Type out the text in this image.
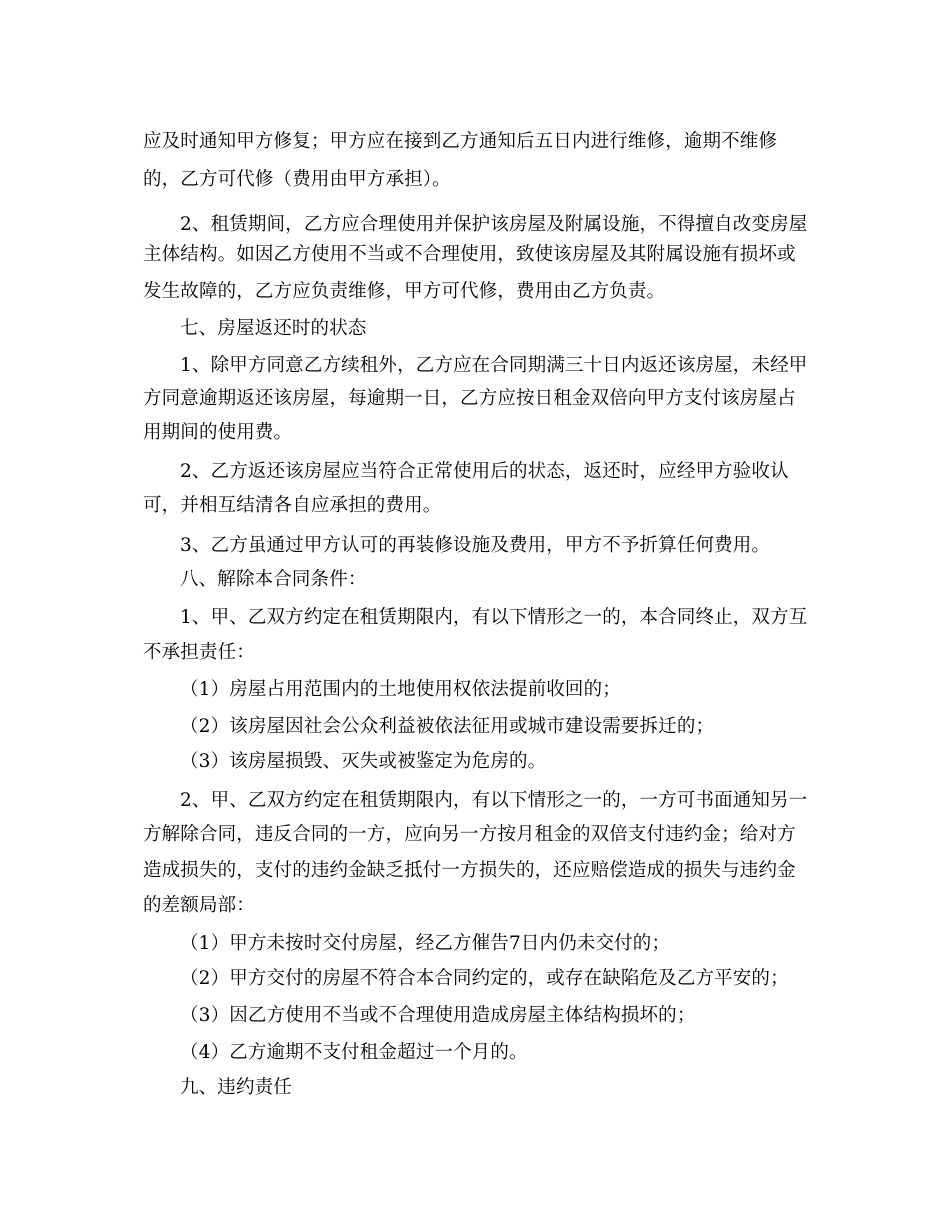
应及时通知甲方修复；甲方应在接到乙方通知后五日内进行维修，逾期不维修
的，乙方可代修（费用由甲方承担）。
2、租赁期间，乙方应合理使用并保护该房屋及附属设施，不得擅自改变房屋
主体结构。如因乙方使用不当或不合理使用，致使该房屋及其附属设施有损坏或
发生故障的，乙方应负责维修，甲方可代修，费用由乙方负责。
七、房屋返还时的状态
1、除甲方同意乙方续租外，乙方应在合同期满三十日内返还该房屋，未经甲
方同意逾期返还该房屋，每逾期一日，乙方应按日租金双倍向甲方支付该房屋占
用期间的使用费。
2、乙方返还该房屋应当符合正常使用后的状态，返还时，应经甲方验收认
可，并相互结清各自应承担的费用。
3、乙方虽通过甲方认可的再装修设施及费用，甲方不予折算任何费用。
八、解除本合同条件：
1、甲、乙双方约定在租赁期限内，有以下情形之一的，本合同终止，双方互
不承担责任：
（1）房屋占用范围内的土地使用权依法提前收回的；
（2）该房屋因社会公众利益被依法征用或城市建设需要拆迁的；
（3）该房屋损毁、灭失或被鉴定为危房的。
2、甲、乙双方约定在租赁期限内，有以下情形之一的，一方可书面通知另一
方解除合同，违反合同的一方，应向另一方按月租金的双倍支付违约金；给对方
造成损失的，支付的违约金缺乏抵付一方损失的，还应赔偿造成的损失与违约金
的差额局部：
（1）甲方未按时交付房屋，经乙方催告7日内仍未交付的；
（2）甲方交付的房屋不符合本合同约定的，或存在缺陷危及乙方平安的；
（3）因乙方使用不当或不合理使用造成房屋主体结构损坏的；
（4）乙方逾期不支付租金超过一个月的。
九、违约责任
